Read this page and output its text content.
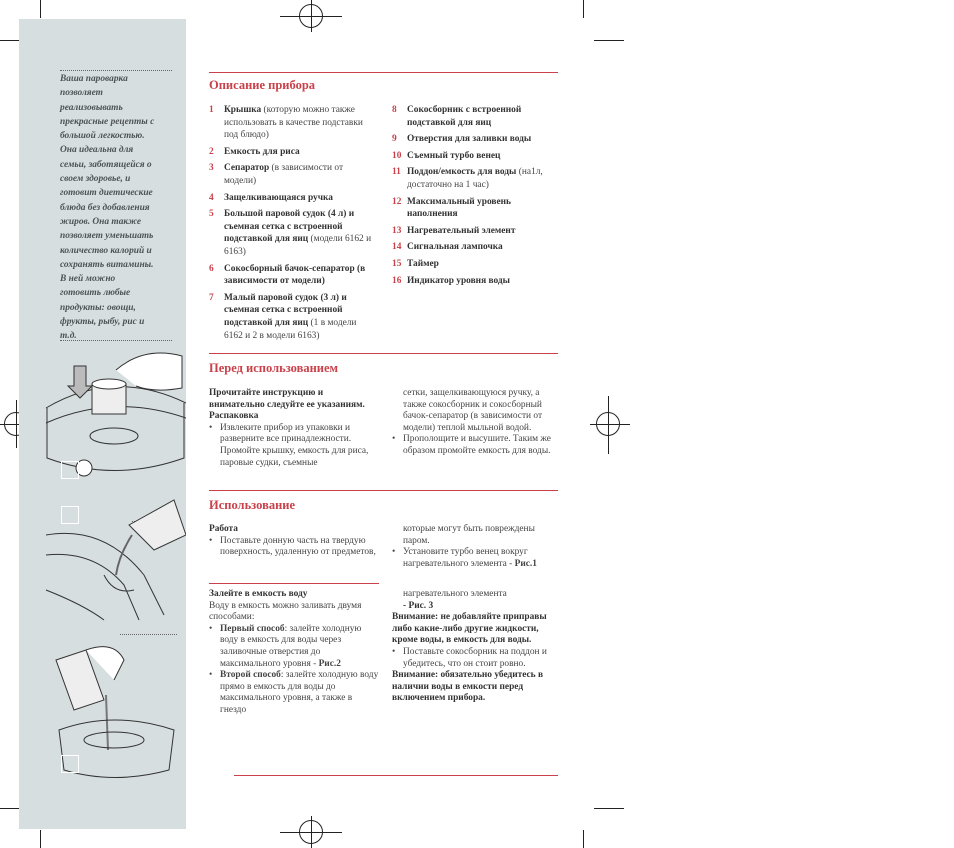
Ваша пароварка

позволяет

реализовывать

прекрасные рецепты с

большой легкостью.

Она идеальна для

семьи, заботящейся о

своем здоровье, и

готовит диетические

блюда без добавления

жиров. Она также

позволяет уменьшать

количество калорий и

сохранять витамины.

В ней можно

готовить любые

продукты: овощи,

фрукты, рыбу, рис и

т.д.

Описание прибора
1	Крышка (которую можно также использовать в качестве подставки под блюдо)
2	Емкость для риса
3	Сепаратор (в зависимости от модели)
4	Защелкивающаяся ручка
5	Большой паровой судок (4 л) и съемная сетка с встроенной подставкой для яиц (модели 6162 и 6163)
6	Сокосборный бачок-сепаратор (в зависимости от модели)
7	Малый паровой судок (3 л) и съемная сетка с встроенной подставкой для яиц (1 в модели 6162 и 2 в модели 6163)
8	Сокосборник с встроенной подставкой для яиц
9	Отверстия для заливки воды
10 Съемный турбо венец
11 Поддон/емкость для воды (на1л, достаточно на 1 час)
12 Максимальный уровень наполнения
13 Нагревательный элемент
14 Сигнальная лампочка
15 Таймер
16 Индикатор уровня воды
Перед использованием

Прочитайте инструкцию и внимательно следуйте ее указаниям.

Распаковка

• Извлеките прибор из упаковки и разверните все принадлежности. Промойте крышку, емкость для риса, паровые судки, съемные

сетки, защелкивающуюся ручку, а также сокосборник и сокосборный бачок-сепаратор (в зависимости от модели) теплой мыльной водой.

• Прополощите и высушите. Таким же образом промойте емкость для воды.

Использование

Работа

• Поставьте донную часть на твердую поверхность, удаленную от предметов,

которые могут быть повреждены паром.

• Установите турбо венец вокруг нагревательного элемента - Рис.1

Залейте в емкость воду

Воду в емкость можно заливать двумя способами:

• Первый способ: залейте холодную воду в емкость для воды через заливочные отверстия до максимального уровня - Рис.2

• Второй способ: залейте холодную воду прямо в емкость для воды до максимального уровня, а также в гнездо

нагревательного элемента

- Рис. 3

Внимание: не добавляйте приправы либо какие-либо другие жидкости, кроме воды, в емкость для воды.

• Поставьте сокосборник на поддон и убедитесь, что он стоит ровно.

Внимание: обязательно убедитесь в наличии воды в емкости перед включением прибора.
